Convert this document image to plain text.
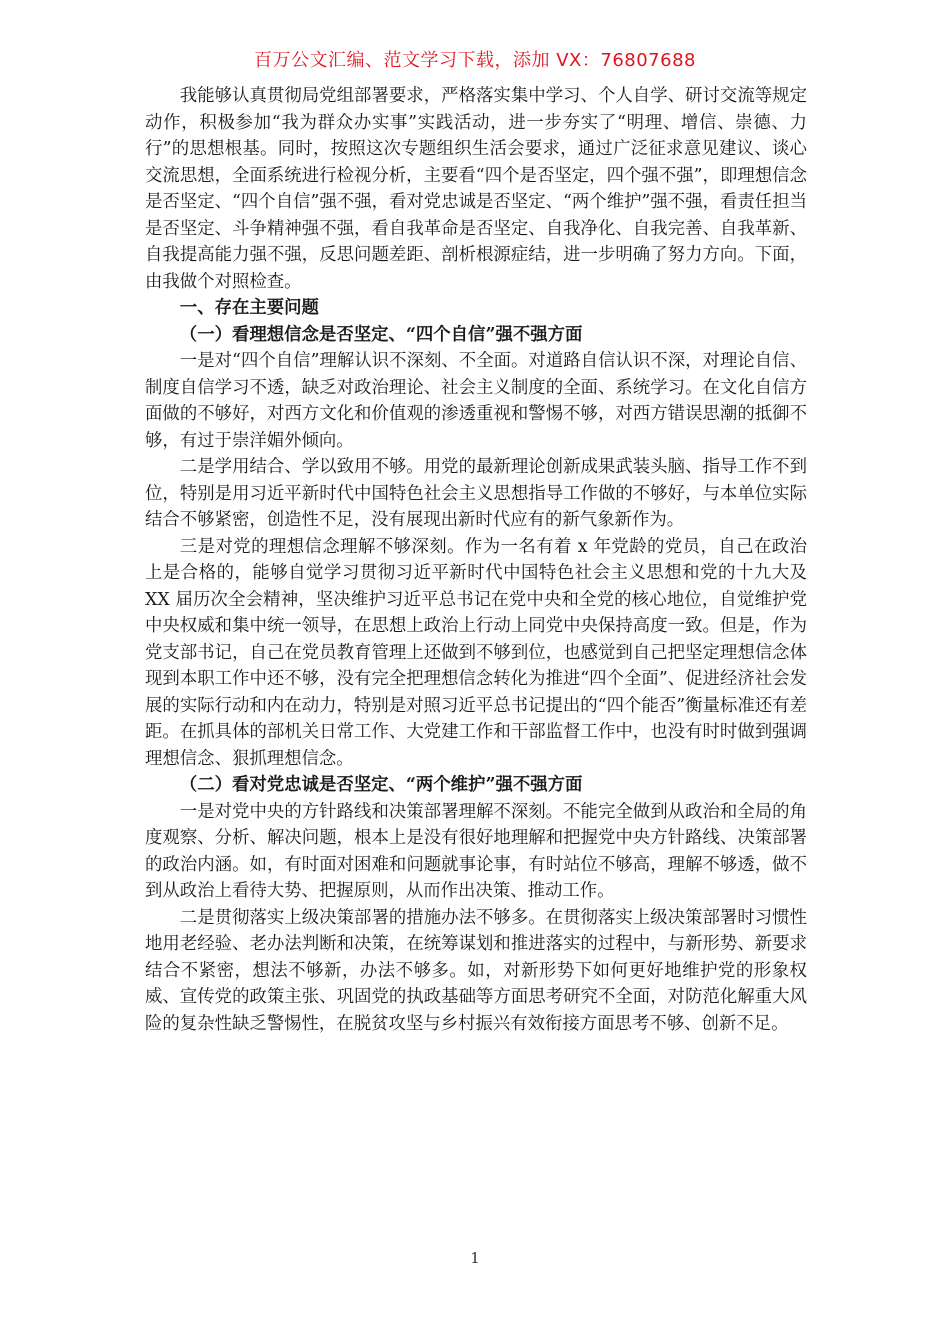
百万公文汇编、范文学习下载，添加 VX：76807688

我能够认真贯彻局党组部署要求，严格落实集中学习、个人自学、研讨交流等规定动作，积极参加“我为群众办实事”实践活动，进一步夯实了“明理、增信、崇德、力行”的思想根基。同时，按照这次专题组织生活会要求，通过广泛征求意见建议、谈心交流思想，全面系统进行检视分析，主要看“四个是否坚定，四个强不强”，即理想信念是否坚定、“四个自信”强不强，看对党忠诚是否坚定、“两个维护”强不强，看责任担当是否坚定、斗争精神强不强，看自我革命是否坚定、自我净化、自我完善、自我革新、自我提高能力强不强，反思问题差距、剖析根源症结，进一步明确了努力方向。下面，由我做个对照检查。

一、存在主要问题

（一）看理想信念是否坚定、“四个自信”强不强方面

一是对“四个自信”理解认识不深刻、不全面。对道路自信认识不深，对理论自信、制度自信学习不透，缺乏对政治理论、社会主义制度的全面、系统学习。在文化自信方面做的不够好，对西方文化和价值观的渗透重视和警惕不够，对西方错误思潮的抵御不够，有过于崇洋媚外倾向。

二是学用结合、学以致用不够。用党的最新理论创新成果武装头脑、指导工作不到位，特别是用习近平新时代中国特色社会主义思想指导工作做的不够好，与本单位实际结合不够紧密，创造性不足，没有展现出新时代应有的新气象新作为。

三是对党的理想信念理解不够深刻。作为一名有着 x 年党龄的党员，自己在政治上是合格的，能够自觉学习贯彻习近平新时代中国特色社会主义思想和党的十九大及 XX 届历次全会精神，坚决维护习近平总书记在党中央和全党的核心地位，自觉维护党中央权威和集中统一领导，在思想上政治上行动上同党中央保持高度一致。但是，作为党支部书记，自己在党员教育管理上还做到不够到位，也感觉到自己把坚定理想信念体现到本职工作中还不够，没有完全把理想信念转化为推进“四个全面”、促进经济社会发展的实际行动和内在动力，特别是对照习近平总书记提出的“四个能否”衡量标准还有差距。在抓具体的部机关日常工作、大党建工作和干部监督工作中，也没有时时做到强调理想信念、狠抓理想信念。

（二）看对党忠诚是否坚定、“两个维护”强不强方面

一是对党中央的方针路线和决策部署理解不深刻。不能完全做到从政治和全局的角度观察、分析、解决问题，根本上是没有很好地理解和把握党中央方针路线、决策部署的政治内涵。如，有时面对困难和问题就事论事，有时站位不够高，理解不够透，做不到从政治上看待大势、把握原则，从而作出决策、推动工作。

二是贯彻落实上级决策部署的措施办法不够多。在贯彻落实上级决策部署时习惯性地用老经验、老办法判断和决策，在统筹谋划和推进落实的过程中，与新形势、新要求结合不紧密，想法不够新，办法不够多。如，对新形势下如何更好地维护党的形象权威、宣传党的政策主张、巩固党的执政基础等方面思考研究不全面，对防范化解重大风险的复杂性缺乏警惕性，在脱贫攻坚与乡村振兴有效衔接方面思考不够、创新不足。

1
